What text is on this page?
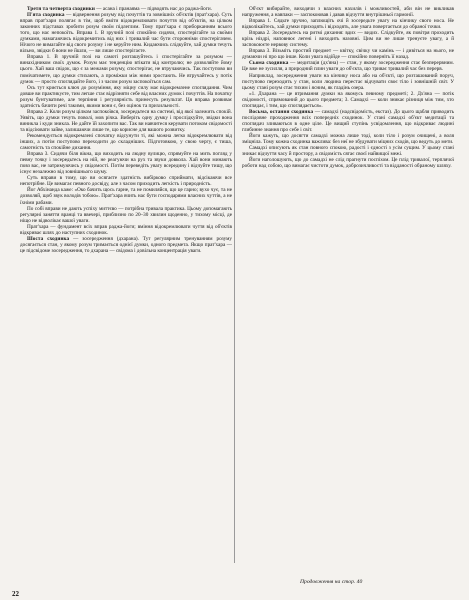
Третя та четверта сходинки — асана і пранаяма — підводять нас до раджа-йоги.

П'ята сходинка — відвернення розуму від почуттів та зовнішніх об'єктів (прат'хара). Суть вправ прат'хари полягає в тім, щоб вміти відокремлювати почуття від об'єктів, на цілком законних підставах зробити розум своїм підлеглим. Тому прат'хара є приборканням всього того, що нас непокоїть. Вправа 1. В зручній позі спокійно сидячи, спостерігайте за своїми думками, намагаючись відокремитись від них і тривалий час бути сторонніми спостерігачем. Нічого не вимагайте від свого розуму і не керуйте ним. Кидаючись слідкуйте, хай думки течуть вільно, звідки б вони не йшли, — ви лише спостерігаєте.

Вправа 1. В зручній позі на самоті розташуйтесь і спостерігайте за розумом — винахідником своїх думок. Розум має тенденцію втікати від контролю; не дозволяйте йому цього. Хай ваш свідок, що є за межами розуму, спостерігає, не втручаючись. Так поступово ви помічатимете, що думки стихають, а проміжки між ними зростають. Не втручайтесь у потік думок — просто споглядайте його, і з часом розум заспокоїться сам.

Ось тут криється ключ до розуміння, яку міцну силу має відокремлене споглядання. Чим довше ви практикуєте, тим легше стає відрізняти себе від власних думок і почуттів. На початку розум бунтуватиме, але терпіння і регулярність принесуть результат. Ця вправа розвиває здатність бачити речі такими, якими вони є, без оцінок та прихильності.

Вправа 2. Коли розум цілком заспокоївся, зосередьтеся на системі, від якої залежить спокій. Уявіть, що думки течуть поволі, мов річка. Виберіть одну думку і прослідкуйте, звідки вона виникла і куди зникла. Не дайте їй захопити вас. Так ви навчитеся керувати потоком свідомості та відсіювати зайве, залишаючи лише те, що корисне для вашого розвитку.

Рекомендується відокремлені спочатку відсунути ті, які можна легко відокремлювати від інших, а потім поступово переходити до складніших. Підготовкою, у свою чергу, є тиша, самотність та спокійне дихання.

Вправа 3. Сидячи біля вікна, що виходить на людну вулицю, спрямуйте на мить погляд у певну точку і зосередьтесь на ній, не реагуючи на рух та звуки довкола. Хай вони минають повз вас, не затримуючись у свідомості. Потім переведіть увагу всередину і відчуйте тишу, що існує незалежно від зовнішнього шуму.

Суть вправи в тому, що ви осягаєте здатність вибірково сприймати, відсікаючи все непотрібне. Це вимагає певного досвіду, але з часом приходить легкість і природність.

Йог Абхінанда каже: «Око бачить щось гарне, та не помиляйся, що це гарно; вухо чує, та не дозволяй, щоб звук володів тобою». Прат'хара вчить нас бути господарями власних чуттів, а не їхніми рабами.

По собі вправи не дають успіху миттєво — потрібна тривала практика. Цьому допомагають регулярні заняття вранці та ввечері, приблизно по 20–30 хвилин щоденно, у тихому місці, де ніщо не відволікає вашої уваги.

Прат'хара — фундамент всіх вправ раджа-йоги; вміння відокремлювати чуття від об'єктів відкриває шлях до наступних сходинок.

Шоста сходинка — зосередження (дхарана). Тут регулярним тренуванням розуму досягається стан, у якому розум тримається однієї думки, одного предмета. Якщо прат'хара — це підсвідоме зосередження, то дхарана — свідома і довільна концентрація уваги.

Об'єкт вибирайте, виходячи з власних нахилів і можливостей, аби він не викликав напруження, а навпаки — заспокоював і давав відчуття внутрішньої гармонії.

Вправа 1. Сядьте зручно, заплющіть очі й зосередьте увагу на кінчику свого носа. Не відволікайтесь, хай думки приходять і відходять, але увага повертається до обраної точки.

Вправа 2. Зосередьтесь на ритмі дихання: вдих — видих. Слідкуйте, як повітря проходить крізь ніздрі, наповнює легені і виходить назовні. Цим ви не лише тренуєте увагу, а й заспокоюєте нервову систему.

Вправа 3. Візьміть простий предмет — квітку, свічку чи камінь — і дивіться на нього, не думаючи ні про що інше. Коли увага відійде — спокійно поверніть її назад.

Сьома сходинка — медитація (дх'яна) — стан, у якому зосередження стає безперервним. Це вже не зусилля, а природний плин уваги до об'єкта, що триває тривалий час без перерв.

Наприклад, зосередження уваги на кінчику носа або на об'єкті, що розташований поруч, поступово переходить у стан, коли людина перестає відчувати своє тіло і зовнішній світ. У цьому стані розум стає тихим і ясним, як гладінь озера.

«1. Дхарана — це втримання думки на якомусь певному предметі; 2. Дх'яна — потік свідомості, спрямований до цього предмета; 3. Самадхі — коли зникає різниця між тим, хто споглядає, і тим, що споглядається».

Восьма, остання сходинка — самадхі (надсвідомість, екстаз). До цього щабля приводить послідовне проходження всіх попередніх сходинок. У стані самадхі об'єкт медитації та споглядач зливаються в одне ціле. Це вищий ступінь усвідомлення, що відкриває людині глибинне знання про себе і світ.

Йоги кажуть, що досягти самадхі можна лише тоді, коли тіло і розум очищені, а воля зміцніла. Тому кожна сходинка важлива: без неї не збудувати міцних сходів, що ведуть до мети.

Самадхі описують як стан повного спокою, радості і єдності з усім сущим. У цьому стані зникає відчуття часу й простору, а свідомість сягає своєї найвищої межі.

Йоги наголошують, що до самадхі не слід прагнути поспіхом. Це плід тривалої, терплячої роботи над собою, що вимагає чистоти думок, доброзичливості та відданості обраному шляху.

Продовження на стор. 40
22
